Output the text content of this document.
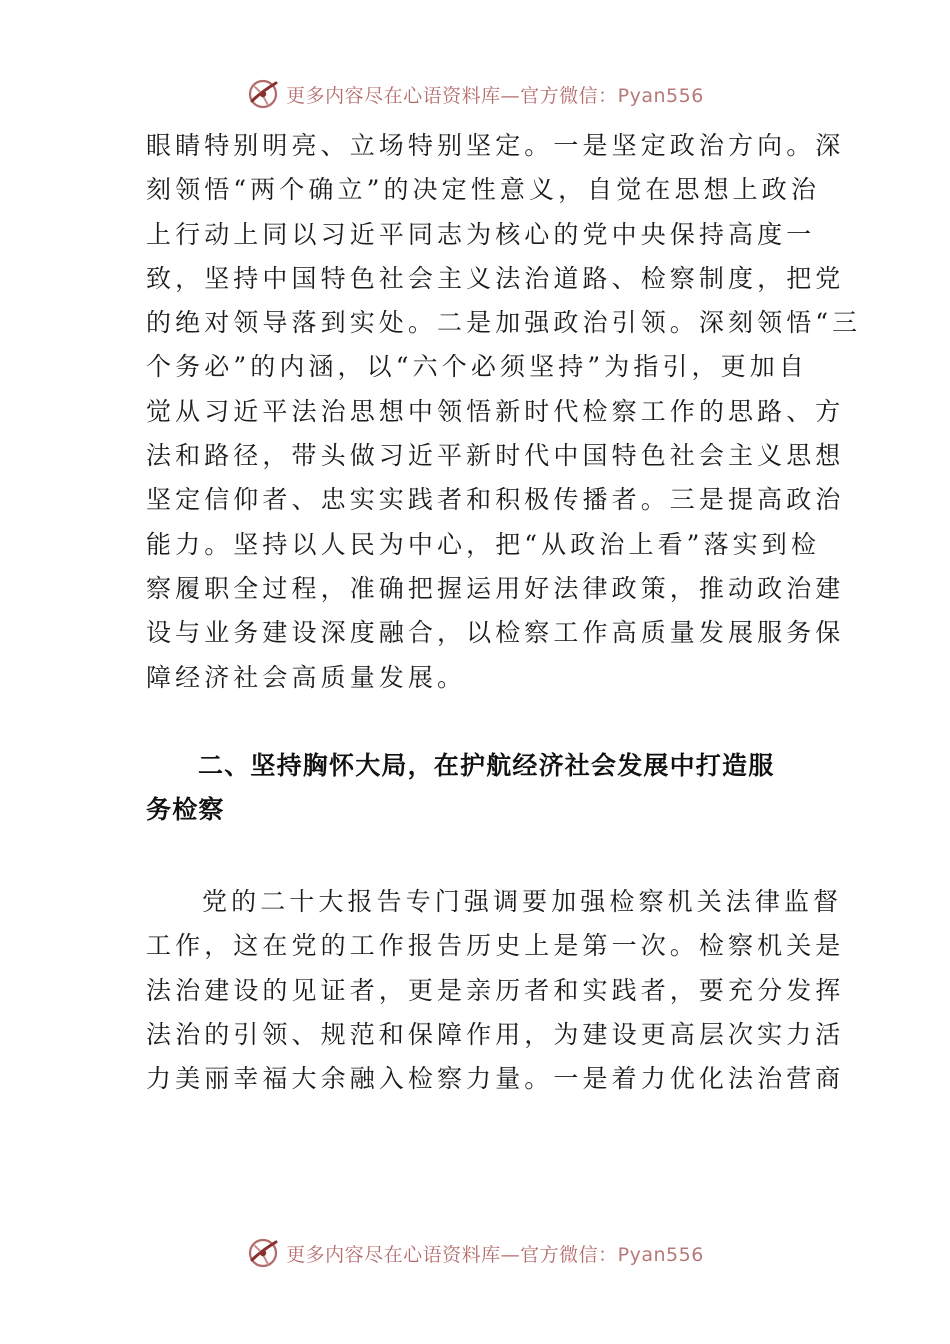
更多内容尽在心语资料库—官方微信：Pyan556
眼睛特别明亮、立场特别坚定。一是坚定政治方向。深
刻领悟“两个确立”的决定性意义，自觉在思想上政治
上行动上同以习近平同志为核心的党中央保持高度一
致，坚持中国特色社会主义法治道路、检察制度，把党
的绝对领导落到实处。二是加强政治引领。深刻领悟“三
个务必”的内涵，以“六个必须坚持”为指引，更加自
觉从习近平法治思想中领悟新时代检察工作的思路、方
法和路径，带头做习近平新时代中国特色社会主义思想
坚定信仰者、忠实实践者和积极传播者。三是提高政治
能力。坚持以人民为中心，把“从政治上看”落实到检
察履职全过程，准确把握运用好法律政策，推动政治建
设与业务建设深度融合，以检察工作高质量发展服务保
障经济社会高质量发展。
二、坚持胸怀大局，在护航经济社会发展中打造服
务检察
党的二十大报告专门强调要加强检察机关法律监督
工作，这在党的工作报告历史上是第一次。检察机关是
法治建设的见证者，更是亲历者和实践者，要充分发挥
法治的引领、规范和保障作用，为建设更高层次实力活
力美丽幸福大余融入检察力量。一是着力优化法治营商
更多内容尽在心语资料库—官方微信：Pyan556
